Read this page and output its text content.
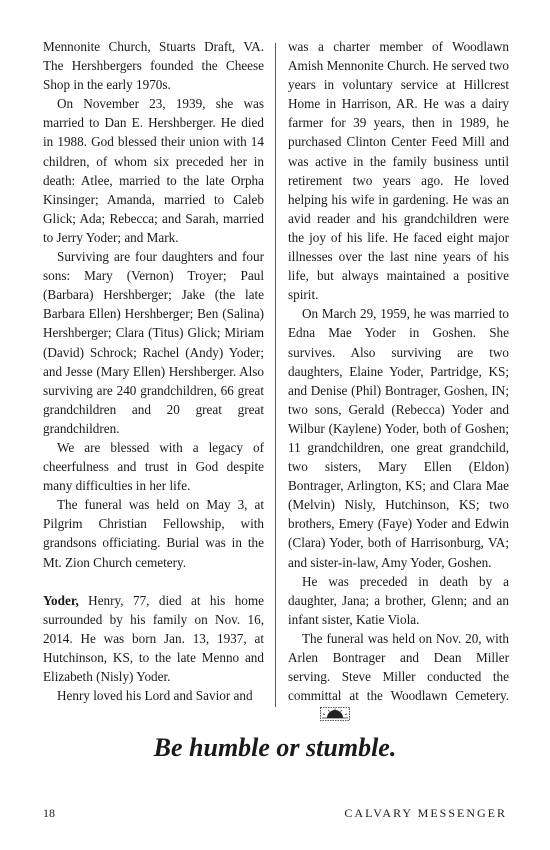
Mennonite Church, Stuarts Draft, VA. The Hershbergers founded the Cheese Shop in the early 1970s.

On November 23, 1939, she was married to Dan E. Hershberger. He died in 1988. God blessed their union with 14 children, of whom six preceded her in death: Atlee, married to the late Orpha Kinsinger; Amanda, married to Caleb Glick; Ada; Rebecca; and Sarah, married to Jerry Yoder; and Mark.

Surviving are four daughters and four sons: Mary (Vernon) Troyer; Paul (Barbara) Hershberger; Jake (the late Barbara Ellen) Hershberger; Ben (Salina) Hershberger; Clara (Titus) Glick; Miriam (David) Schrock; Rachel (Andy) Yoder; and Jesse (Mary Ellen) Hershberger. Also surviving are 240 grandchildren, 66 great grandchildren and 20 great great grandchildren.

We are blessed with a legacy of cheerfulness and trust in God despite many difficulties in her life.

The funeral was held on May 3, at Pilgrim Christian Fellowship, with grandsons officiating. Burial was in the Mt. Zion Church cemetery.

Yoder, Henry, 77, died at his home surrounded by his family on Nov. 16, 2014. He was born Jan. 13, 1937, at Hutchinson, KS, to the late Menno and Elizabeth (Nisly) Yoder.

Henry loved his Lord and Savior and

was a charter member of Woodlawn Amish Mennonite Church. He served two years in voluntary service at Hillcrest Home in Harrison, AR. He was a dairy farmer for 39 years, then in 1989, he purchased Clinton Center Feed Mill and was active in the family business until retirement two years ago. He loved helping his wife in gardening. He was an avid reader and his grandchildren were the joy of his life. He faced eight major illnesses over the last nine years of his life, but always maintained a positive spirit.

On March 29, 1959, he was married to Edna Mae Yoder in Goshen. She survives. Also surviving are two daughters, Elaine Yoder, Partridge, KS; and Denise (Phil) Bontrager, Goshen, IN; two sons, Gerald (Rebecca) Yoder and Wilbur (Kaylene) Yoder, both of Goshen; 11 grandchildren, one great grandchild, two sisters, Mary Ellen (Eldon) Bontrager, Arlington, KS; and Clara Mae (Melvin) Nisly, Hutchinson, KS; two brothers, Emery (Faye) Yoder and Edwin (Clara) Yoder, both of Harrisonburg, VA; and sister-in-law, Amy Yoder, Goshen.

He was preceded in death by a daughter, Jana; a brother, Glenn; and an infant sister, Katie Viola.

The funeral was held on Nov. 20, with Arlen Bontrager and Dean Miller serving. Steve Miller conducted the committal at the Woodlawn Cemetery.

Be humble or stumble.
18	CALVARY MESSENGER
